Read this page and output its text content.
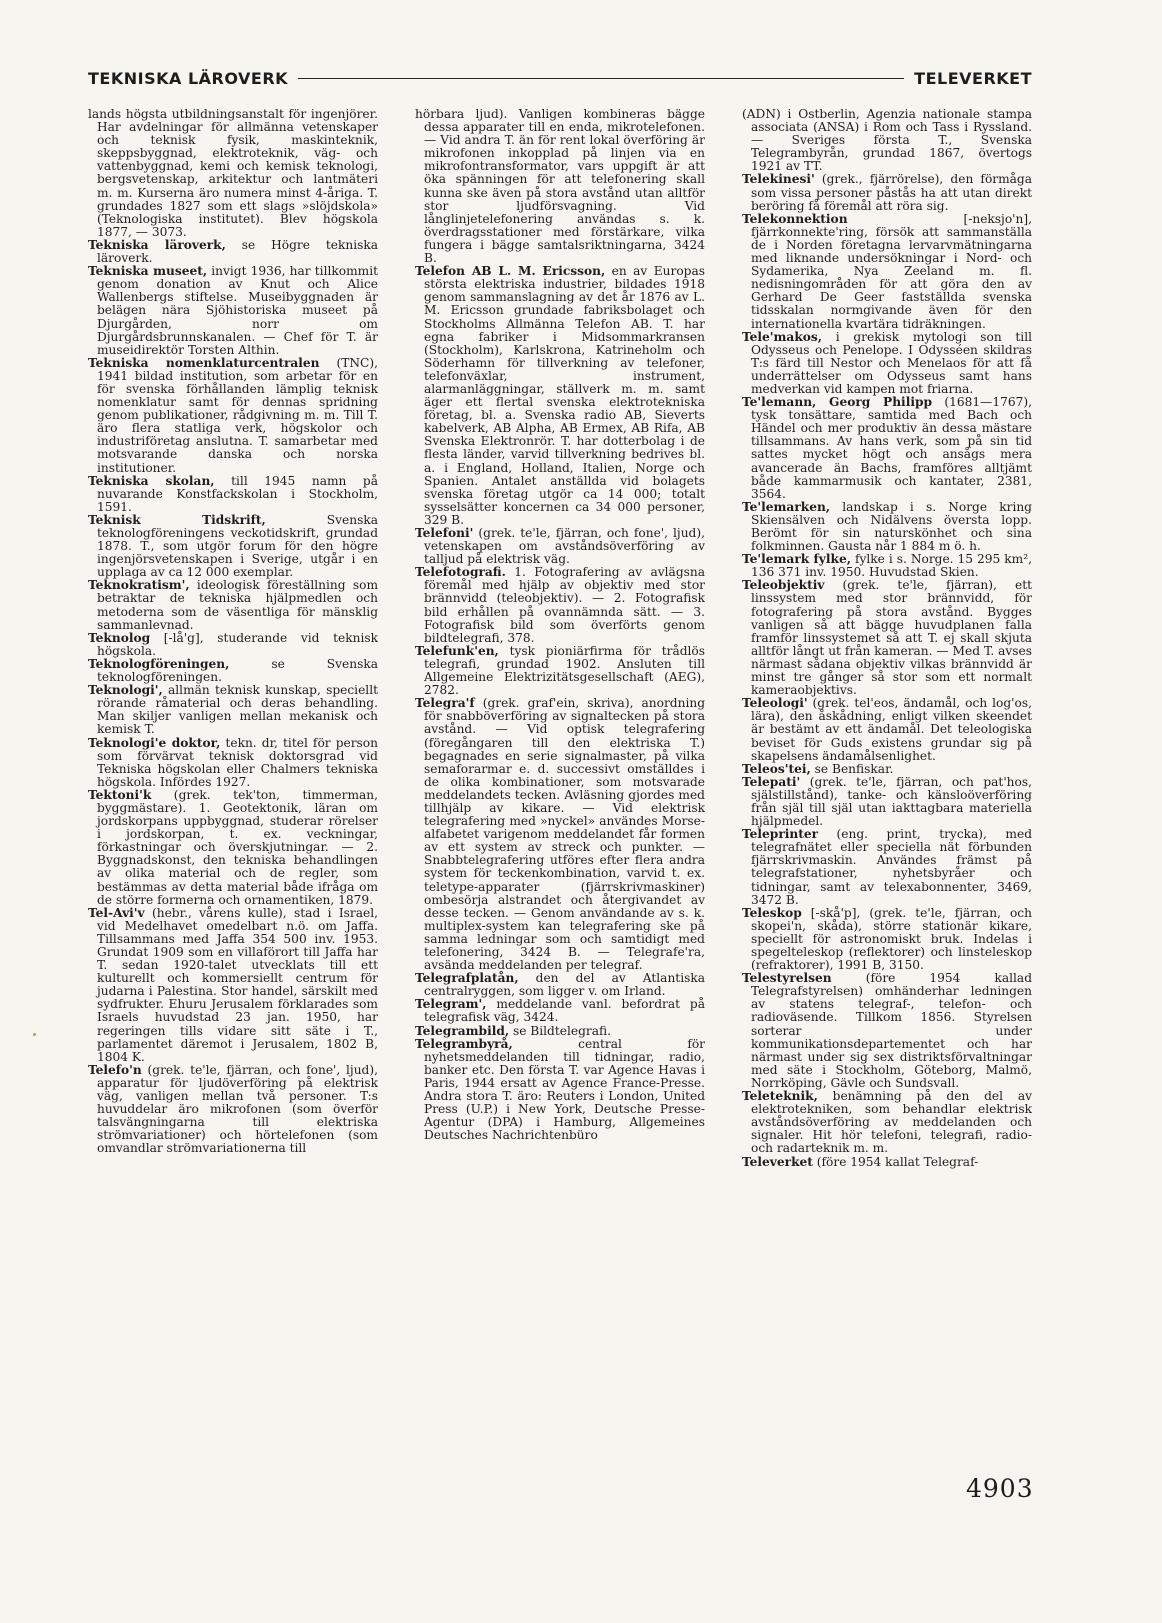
TEKNISKA LÄROVERK	TELEVERKET

lands högsta utbildningsanstalt för ingenjörer. Har avdelningar för allmänna vetenskaper och teknisk fysik, maskinteknik, skeppsbyggnad, elektroteknik, väg- och vattenbyggnad, kemi och kemisk teknologi, bergsvetenskap, arkitektur och lantmäteri m. m. Kurserna äro numera minst 4-åriga. T. grundades 1827 som ett slags »slöjdskola» (Teknologiska institutet). Blev högskola 1877, — 3073.

Tekniska läroverk, se Högre tekniska läroverk.

Tekniska museet, invigt 1936, har tillkommit genom donation av Knut och Alice Wallenbergs stiftelse. Museibyggnaden är belägen nära Sjöhistoriska museet på Djurgården, norr om Djurgårdsbrunnskanalen. — Chef för T. är museidirektör Torsten Althin.

Tekniska nomenklaturcentralen (TNC), 1941 bildad institution, som arbetar för en för svenska förhållanden lämplig teknisk nomenklatur samt för dennas spridning genom publikationer, rådgivning m. m. Till T. äro flera statliga verk, högskolor och industriföretag anslutna. T. samarbetar med motsvarande danska och norska institutioner.

Tekniska skolan, till 1945 namn på nuvarande Konstfackskolan i Stockholm, 1591.

Teknisk Tidskrift, Svenska teknologföreningens veckotidskrift, grundad 1878. T., som utgör forum för den högre ingenjörsvetenskapen i Sverige, utgår i en upplaga av ca 12 000 exemplar.

Teknokratism', ideologisk föreställning som betraktar de tekniska hjälpmedlen och metoderna som de väsentliga för mänsklig sammanlevnad.

Teknolog [-lå'g], studerande vid teknisk högskola.

Teknologföreningen, se Svenska teknologföreningen.

Teknologi', allmän teknisk kunskap, speciellt rörande råmaterial och deras behandling. Man skiljer vanligen mellan mekanisk och kemisk T.

Teknologi'e doktor, tekn. dr, titel för person som förvärvat teknisk doktorsgrad vid Tekniska högskolan eller Chalmers tekniska högskola. Infördes 1927.

Tektoni'k (grek. tek'ton, timmerman, byggmästare). 1. Geotektonik, läran om jordskorpans uppbyggnad, studerar rörelser i jordskorpan, t. ex. veckningar, förkastningar och överskjutningar. — 2. Byggnadskonst, den tekniska behandlingen av olika material och de regler, som bestämmas av detta material både ifråga om de större formerna och ornamentiken, 1879.

Tel-Avi'v (hebr., vårens kulle), stad i Israel, vid Medelhavet omedelbart n.ö. om Jaffa. Tillsammans med Jaffa 354 500 inv. 1953. Grundat 1909 som en villaförort till Jaffa har T. sedan 1920-talet utvecklats till ett kulturellt och kommersiellt centrum för judarna i Palestina. Stor handel, särskilt med sydfrukter. Ehuru Jerusalem förklarades som Israels huvudstad 23 jan. 1950, har regeringen tills vidare sitt säte i T., parlamentet däremot i Jerusalem, 1802 B, 1804 K.

Telefo'n (grek. te'le, fjärran, och fone', ljud), apparatur för ljudöverföring på elektrisk väg, vanligen mellan två personer. T:s huvuddelar äro mikrofonen (som överför talsvängningarna till elektriska strömvariationer) och hörtelefonen (som omvandlar strömvariationerna till

hörbara ljud). Vanligen kombineras bägge dessa apparater till en enda, mikrotelefonen. — Vid andra T. än för rent lokal överföring är mikrofonen inkopplad på linjen via en mikrofontransformator, vars uppgift är att öka spänningen för att telefonering skall kunna ske även på stora avstånd utan alltför stor ljudförsvagning. Vid långlinjetelefonering användas s. k. överdragsstationer med förstärkare, vilka fungera i bägge samtalsriktningarna, 3424 B.

Telefon AB L. M. Ericsson, en av Europas största elektriska industrier, bildades 1918 genom sammanslagning av det år 1876 av L. M. Ericsson grundade fabriksbolaget och Stockholms Allmänna Telefon AB. T. har egna fabriker i Midsommarkransen (Stockholm), Karlskrona, Katrineholm och Söderhamn för tillverkning av telefoner, telefonväxlar, instrument, alarmanläggningar, ställverk m. m. samt äger ett flertal svenska elektrotekniska företag, bl. a. Svenska radio AB, Sieverts kabelverk, AB Alpha, AB Ermex, AB Rifa, AB Svenska Elektronrör. T. har dotterbolag i de flesta länder, varvid tillverkning bedrives bl. a. i England, Holland, Italien, Norge och Spanien. Antalet anställda vid bolagets svenska företag utgör ca 14 000; totalt sysselsätter koncernen ca 34 000 personer, 329 B.

Telefoni' (grek. te'le, fjärran, och fone', ljud), vetenskapen om avståndsöverföring av talljud på elektrisk väg.

Telefotografi. 1. Fotografering av avlägsna föremål med hjälp av objektiv med stor brännvidd (teleobjektiv). — 2. Fotografisk bild erhållen på ovannämnda sätt. — 3. Fotografisk bild som överförts genom bildtelegrafi, 378.

Telefunk'en, tysk pioniärfirma för trådlös telegrafi, grundad 1902. Ansluten till Allgemeine Elektrizitätsgesellschaft (AEG), 2782.

Telegra'f (grek. graf'ein, skriva), anordning för snabböverföring av signaltecken på stora avstånd. — Vid optisk telegrafering (föregångaren till den elektriska T.) begagnades en serie signalmaster, på vilka semaforarmar e. d. successivt omställdes i de olika kombinationer, som motsvarade meddelandets tecken. Avläsning gjordes med tillhjälp av kikare. — Vid elektrisk telegrafering med »nyckel» användes Morse-alfabetet varigenom meddelandet får formen av ett system av streck och punkter. — Snabbtelegrafering utföres efter flera andra system för teckenkombination, varvid t. ex. teletype-apparater (fjärrskrivmaskiner) ombesörja alstrandet och återgivandet av desse tecken. — Genom användande av s. k. multiplex-system kan telegrafering ske på samma ledningar som och samtidigt med telefonering, 3424 B. — Telegrafe'ra, avsända meddelanden per telegraf.

Telegrafplatån, den del av Atlantiska centralryggen, som ligger v. om Irland.

Telegram', meddelande vanl. befordrat på telegrafisk väg, 3424.

Telegrambild, se Bildtelegrafi.

Telegrambyrå, central för nyhetsmeddelanden till tidningar, radio, banker etc. Den första T. var Agence Havas i Paris, 1944 ersatt av Agence France-Presse. Andra stora T. äro: Reuters i London, United Press (U.P.) i New York, Deutsche Presse-Agentur (DPA) i Hamburg, Allgemeines Deutsches Nachrichtenbüro

(ADN) i Östberlin, Agenzia nationale stampa associata (ANSA) i Rom och Tass i Ryssland. — Sveriges första T., Svenska Telegrambyrån, grundad 1867, övertogs 1921 av TT.

Telekinesi' (grek., fjärrörelse), den förmåga som vissa personer påstås ha att utan direkt beröring få föremål att röra sig.

Telekonnektion [-neksjo'n], fjärrkonnekte'ring, försök att sammanställa de i Norden företagna lervarvmätningarna med liknande undersökningar i Nord- och Sydamerika, Nya Zeeland m. fl. nedisningområden för att göra den av Gerhard De Geer fastställda svenska tidsskalan normgivande även för den internationella kvartära tidräkningen.

Tele'makos, i grekisk mytologi son till Odysseus och Penelope. I Odysséen skildras T:s färd till Nestor och Menelaos för att få underrättelser om Odysseus samt hans medverkan vid kampen mot friarna.

Te'lemann, Georg Philipp (1681—1767), tysk tonsättare, samtida med Bach och Händel och mer produktiv än dessa mästare tillsammans. Av hans verk, som på sin tid sattes mycket högt och ansågs mera avancerade än Bachs, framföres alltjämt både kammarmusik och kantater, 2381, 3564.

Te'lemarken, landskap i s. Norge kring Skiensälven och Nidälvens översta lopp. Berömt för sin naturskönhet och sina folkminnen. Gausta når 1 884 m ö. h.

Te'lemark fylke, fylke i s. Norge. 15 295 km², 136 371 inv. 1950. Huvudstad Skien.

Teleobjektiv (grek. te'le, fjärran), ett linssystem med stor brännvidd, för fotografering på stora avstånd. Bygges vanligen så att bägge huvudplanen falla framför linssystemet så att T. ej skall skjuta alltför långt ut från kameran. — Med T. avses närmast sådana objektiv vilkas brännvidd är minst tre gånger så stor som ett normalt kameraobjektivs.

Teleologi' (grek. tel'eos, ändamål, och log'os, lära), den åskådning, enligt vilken skeendet är bestämt av ett ändamål. Det teleologiska beviset för Guds existens grundar sig på skapelsens ändamålsenlighet.

Teleos'tei, se Benfiskar.

Telepati' (grek. te'le, fjärran, och pat'hos, själstillstånd), tanke- och känsloöverföring från själ till själ utan iakttagbara materiella hjälpmedel.

Teleprinter (eng. print, trycka), med telegrafnätet eller speciella nät förbunden fjärrskrivmaskin. Användes främst på telegrafstationer, nyhetsbyråer och tidningar, samt av telexabonnenter, 3469, 3472 B.

Teleskop [-skå'p], (grek. te'le, fjärran, och skopei'n, skåda), större stationär kikare, speciellt för astronomiskt bruk. Indelas i spegelteleskop (reflektorer) och linsteleskop (refraktorer), 1991 B, 3150.

Telestyrelsen (före 1954 kallad Telegrafstyrelsen) omhänderhar ledningen av statens telegraf-, telefon- och radioväsende. Tillkom 1856. Styrelsen sorterar under kommunikationsdepartementet och har närmast under sig sex distriktsförvaltningar med säte i Stockholm, Göteborg, Malmö, Norrköping, Gävle och Sundsvall.

Teleteknik, benämning på den del av elektrotekniken, som behandlar elektrisk avståndsöverföring av meddelanden och signaler. Hit hör telefoni, telegrafi, radio- och radarteknik m. m.

Televerket (före 1954 kallat Telegraf-

4903
